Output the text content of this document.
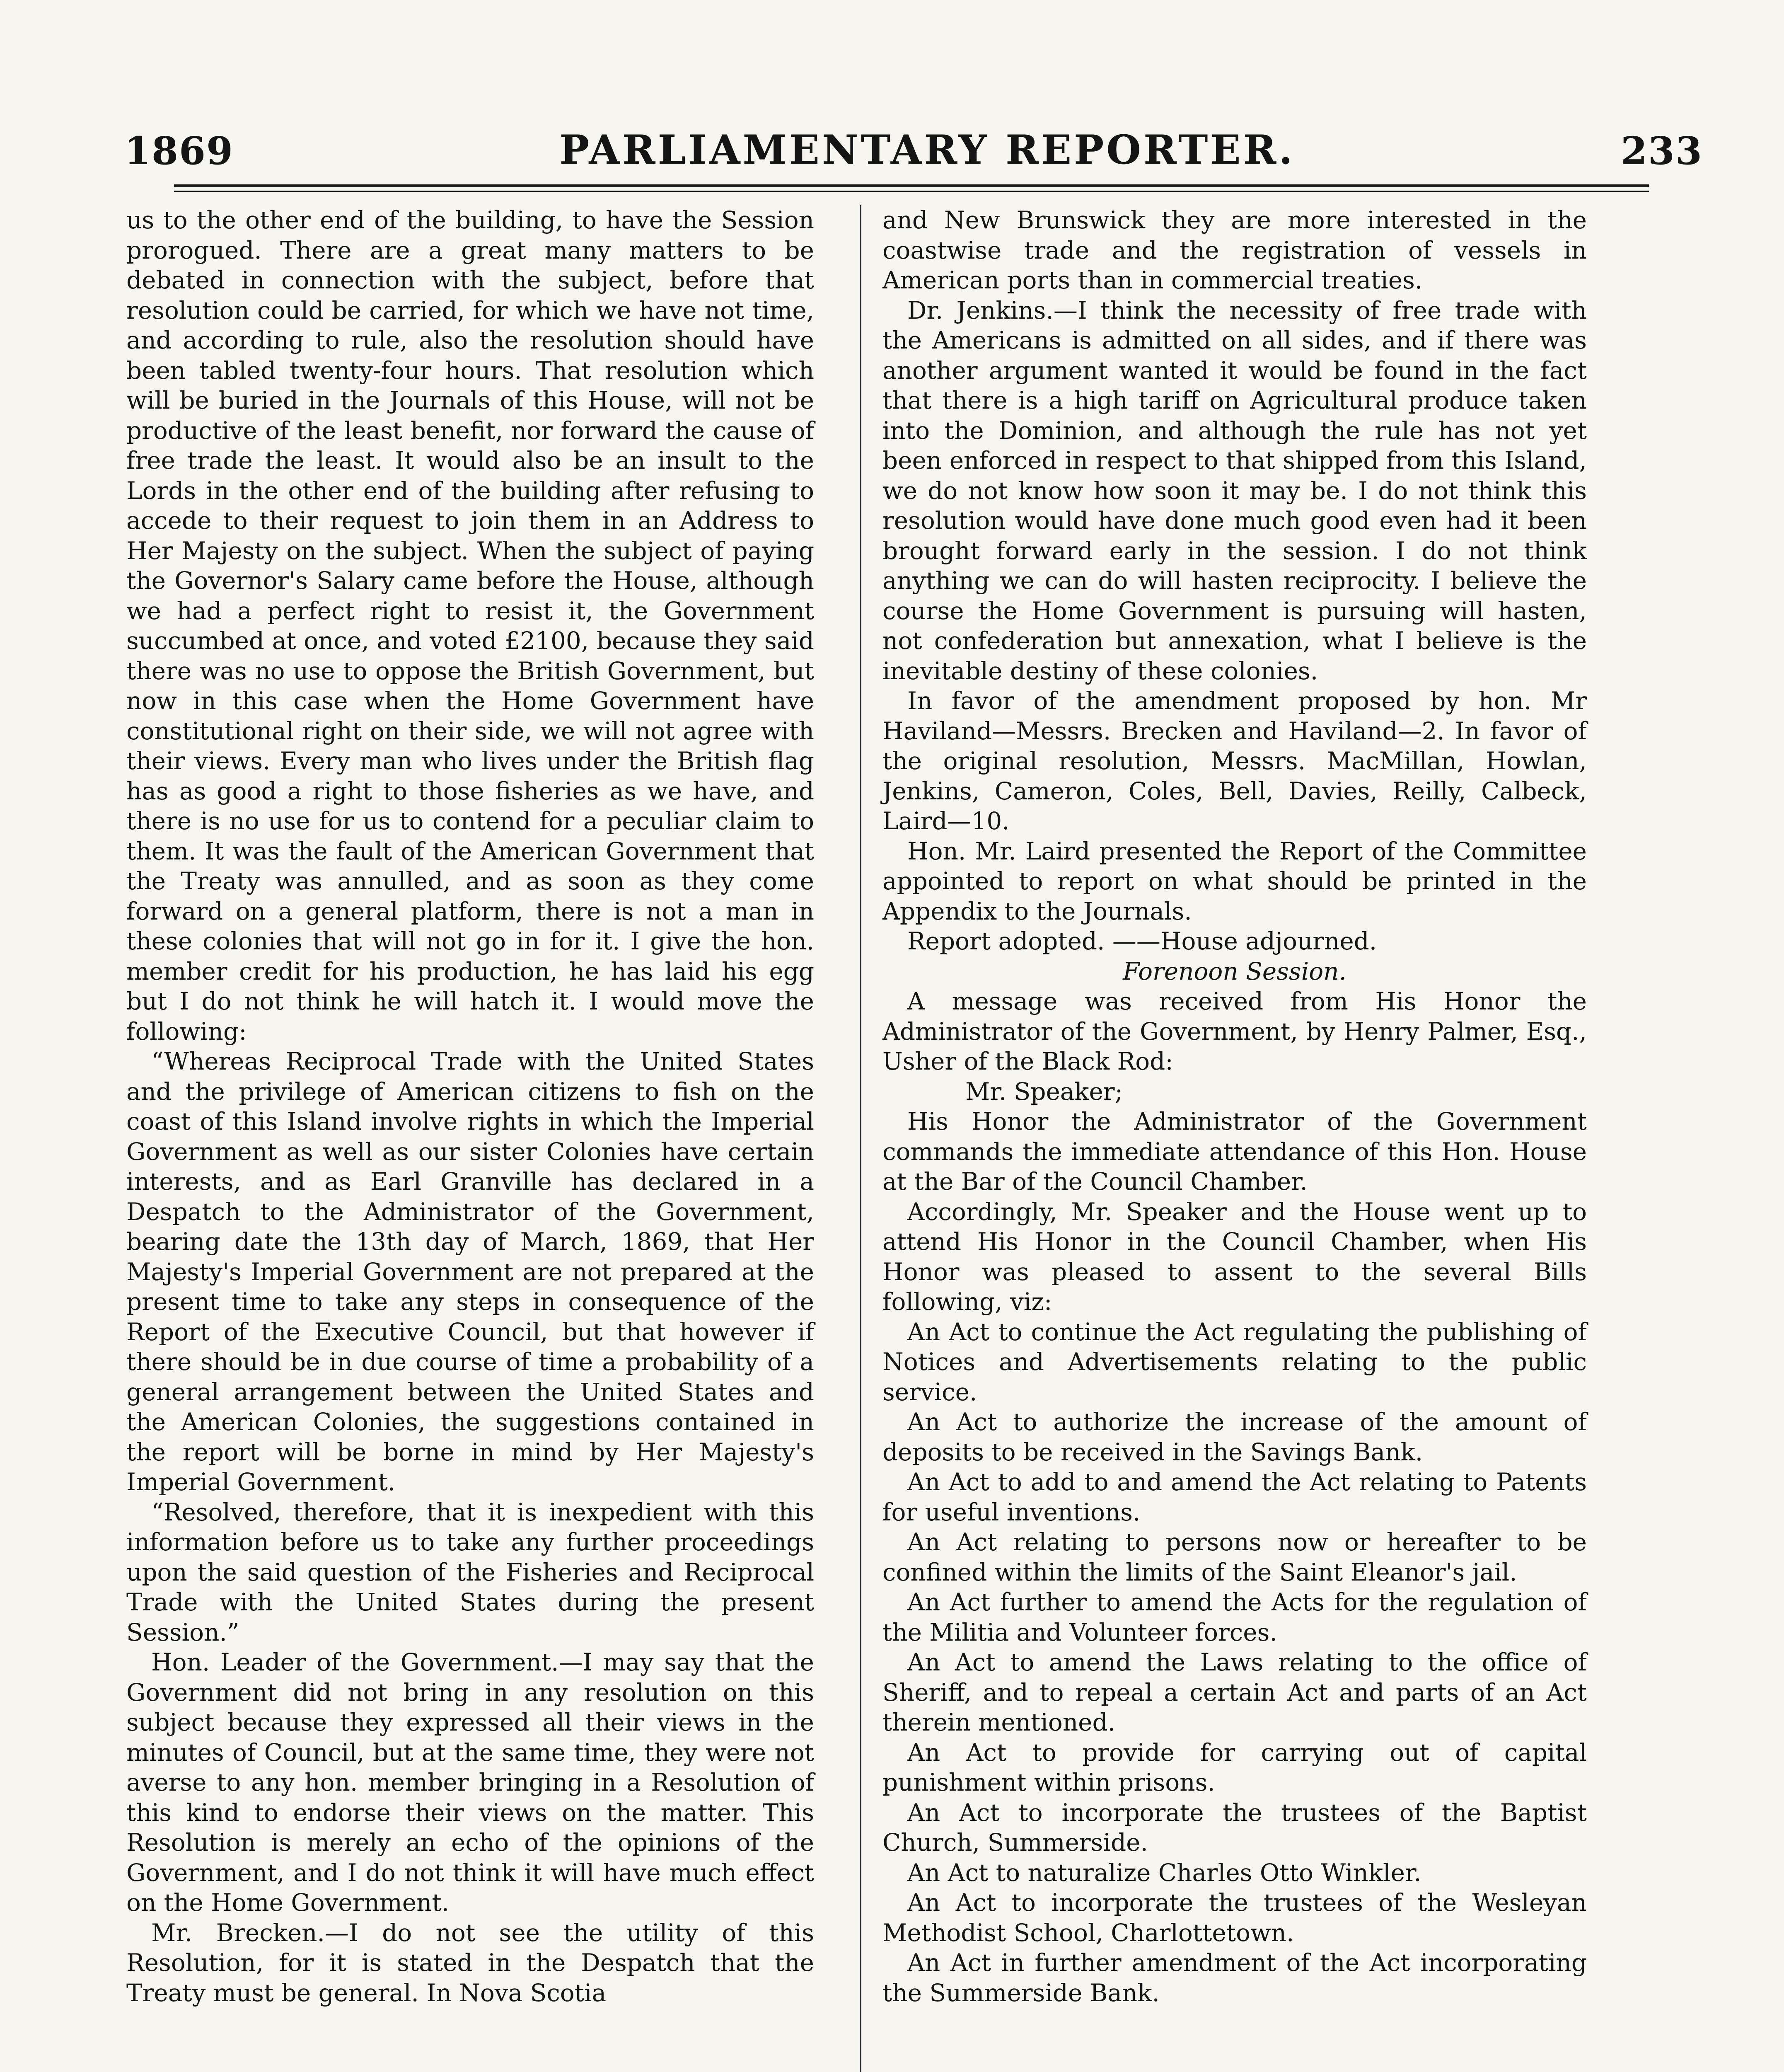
1869	PARLIAMENTARY REPORTER.	233

us to the other end of the building, to have the Session prorogued. There are a great many matters to be debated in connection with the subject, before that resolution could be carried, for which we have not time, and according to rule, also the resolution should have been tabled twenty-four hours. That resolution which will be buried in the Journals of this House, will not be productive of the least benefit, nor forward the cause of free trade the least. It would also be an insult to the Lords in the other end of the building after refusing to accede to their request to join them in an Address to Her Majesty on the subject. When the subject of paying the Governor's Salary came before the House, although we had a perfect right to resist it, the Government succumbed at once, and voted £2100, because they said there was no use to oppose the British Government, but now in this case when the Home Government have constitutional right on their side, we will not agree with their views. Every man who lives under the British flag has as good a right to those fisheries as we have, and there is no use for us to contend for a peculiar claim to them. It was the fault of the American Government that the Treaty was annulled, and as soon as they come forward on a general platform, there is not a man in these colonies that will not go in for it. I give the hon. member credit for his production, he has laid his egg but I do not think he will hatch it. I would move the following:

“Whereas Reciprocal Trade with the United States and the privilege of American citizens to fish on the coast of this Island involve rights in which the Imperial Government as well as our sister Colonies have certain interests, and as Earl Granville has declared in a Despatch to the Administrator of the Government, bearing date the 13th day of March, 1869, that Her Majesty's Imperial Government are not prepared at the present time to take any steps in consequence of the Report of the Executive Council, but that however if there should be in due course of time a probability of a general arrangement between the United States and the American Colonies, the suggestions contained in the report will be borne in mind by Her Majesty's Imperial Government.

“Resolved, therefore, that it is inexpedient with this information before us to take any further proceedings upon the said question of the Fisheries and Reciprocal Trade with the United States during the present Session.”

Hon. Leader of the Government.—I may say that the Government did not bring in any resolution on this subject because they expressed all their views in the minutes of Council, but at the same time, they were not averse to any hon. member bringing in a Resolution of this kind to endorse their views on the matter. This Resolution is merely an echo of the opinions of the Government, and I do not think it will have much effect on the Home Government.

Mr. Brecken.—I do not see the utility of this Resolution, for it is stated in the Despatch that the Treaty must be general. In Nova Scotia

and New Brunswick they are more interested in the coastwise trade and the registration of vessels in American ports than in commercial treaties.

Dr. Jenkins.—I think the necessity of free trade with the Americans is admitted on all sides, and if there was another argument wanted it would be found in the fact that there is a high tariff on Agricultural produce taken into the Dominion, and although the rule has not yet been enforced in respect to that shipped from this Island, we do not know how soon it may be. I do not think this resolution would have done much good even had it been brought forward early in the session. I do not think anything we can do will hasten reciprocity. I believe the course the Home Government is pursuing will hasten, not confederation but annexation, what I believe is the inevitable destiny of these colonies.

In favor of the amendment proposed by hon. Mr Haviland—Messrs. Brecken and Haviland—2. In favor of the original resolution, Messrs. MacMillan, Howlan, Jenkins, Cameron, Coles, Bell, Davies, Reilly, Calbeck, Laird—10.

Hon. Mr. Laird presented the Report of the Committee appointed to report on what should be printed in the Appendix to the Journals.

Report adopted. ——House adjourned.

Forenoon Session.

A message was received from His Honor the Administrator of the Government, by Henry Palmer, Esq., Usher of the Black Rod:

Mr. Speaker;

His Honor the Administrator of the Government commands the immediate attendance of this Hon. House at the Bar of the Council Chamber.

Accordingly, Mr. Speaker and the House went up to attend His Honor in the Council Chamber, when His Honor was pleased to assent to the several Bills following, viz:

An Act to continue the Act regulating the publishing of Notices and Advertisements relating to the public service.

An Act to authorize the increase of the amount of deposits to be received in the Savings Bank.

An Act to add to and amend the Act relating to Patents for useful inventions.

An Act relating to persons now or hereafter to be confined within the limits of the Saint Eleanor's jail.

An Act further to amend the Acts for the regulation of the Militia and Volunteer forces.

An Act to amend the Laws relating to the office of Sheriff, and to repeal a certain Act and parts of an Act therein mentioned.

An Act to provide for carrying out of capital punishment within prisons.

An Act to incorporate the trustees of the Baptist Church, Summerside.

An Act to naturalize Charles Otto Winkler.

An Act to incorporate the trustees of the Wesleyan Methodist School, Charlottetown.

An Act in further amendment of the Act incorporating the Summerside Bank.
